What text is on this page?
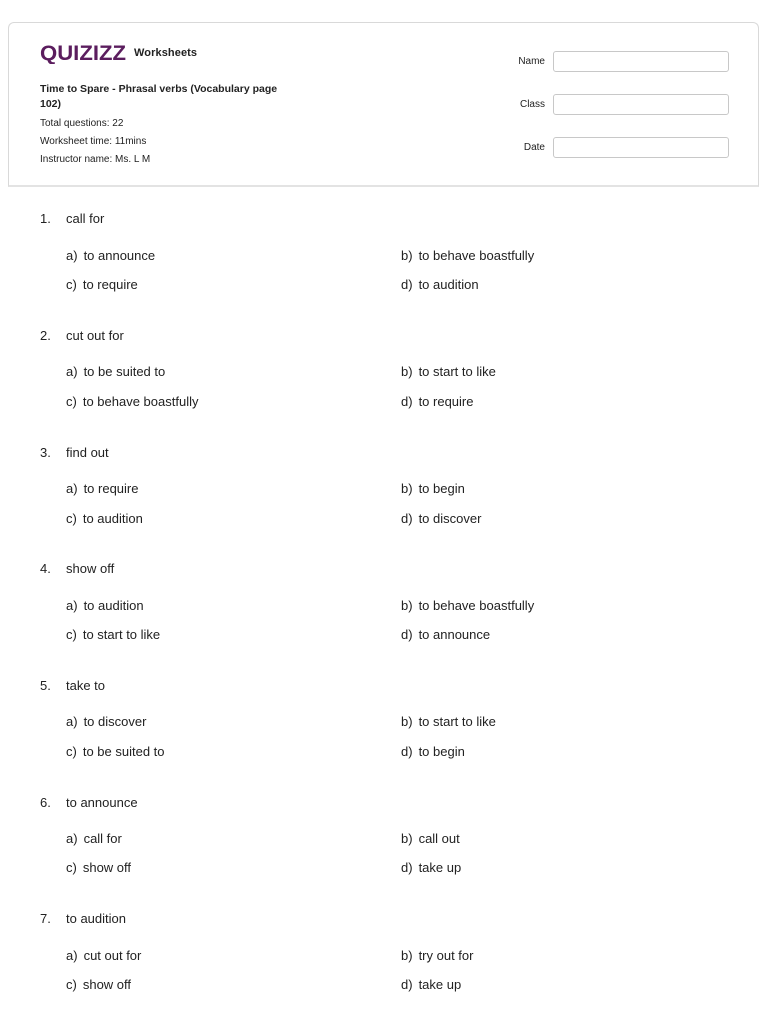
QUIZIZZ Worksheets
Time to Spare - Phrasal verbs (Vocabulary page 102)
Total questions: 22
Worksheet time: 11mins
Instructor name: Ms. L M
Name
Class
Date
1. call for
a) to announce	b) to behave boastfully
c) to require	d) to audition
2. cut out for
a) to be suited to	b) to start to like
c) to behave boastfully	d) to require
3. find out
a) to require	b) to begin
c) to audition	d) to discover
4. show off
a) to audition	b) to behave boastfully
c) to start to like	d) to announce
5. take to
a) to discover	b) to start to like
c) to be suited to	d) to begin
6. to announce
a) call for	b) call out
c) show off	d) take up
7. to audition
a) cut out for	b) try out for
c) show off	d) take up
